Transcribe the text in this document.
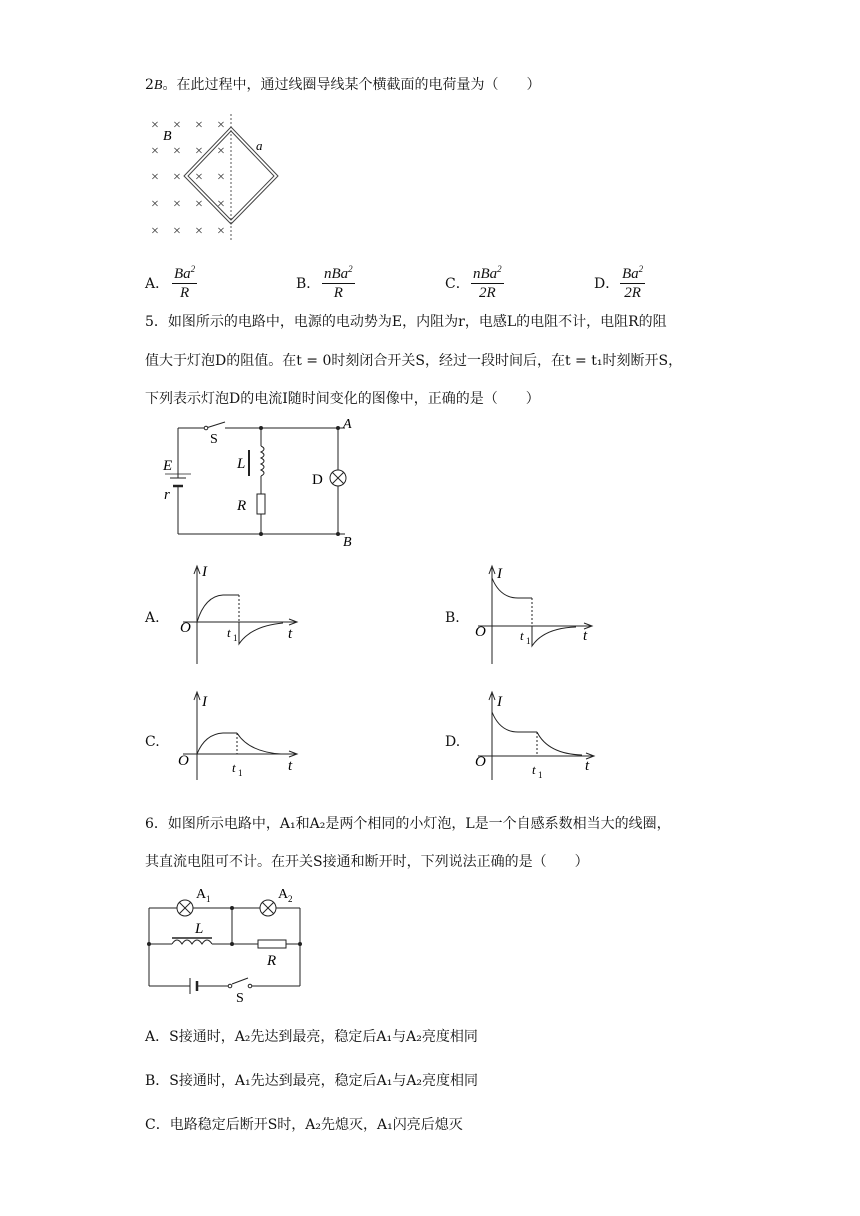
2B。在此过程中，通过线圈导线某个横截面的电荷量为（　　）
× × × ×
× × × ×
× × × ×
× × × ×
× × × ×
B
a
A． $\frac{Ba^2}{R}$	B．
nBa$^2$
R
C．
nBa$^2$
2R
D． $\frac{Ba^2}{2R}$
5．如图所示的电路中，电源的电动势为E，内阻为r，电感L的电阻不计，电阻R的阻
值大于灯泡D的阻值。在t = 0时刻闭合开关S，经过一段时间后，在t = t₁时刻断开S，
下列表示灯泡D的电流I随时间变化的图像中，正确的是（　　）
S
E
r
L
R
D
A
B
A.
I
O	t
t 1
B.
I
O	t
t 1
C.
I
O	t
t 1
D.
I
O	t
t 1
6．如图所示电路中，A₁和A₂是两个相同的小灯泡，L是一个自感系数相当大的线圈，
其直流电阻可不计。在开关S接通和断开时，下列说法正确的是（　　）
A 1	A 2
L
R
S
A．S接通时，A₂先达到最亮，稳定后A₁与A₂亮度相同
B．S接通时，A₁先达到最亮，稳定后A₁与A₂亮度相同
C．电路稳定后断开S时，A₂先熄灭，A₁闪亮后熄灭
